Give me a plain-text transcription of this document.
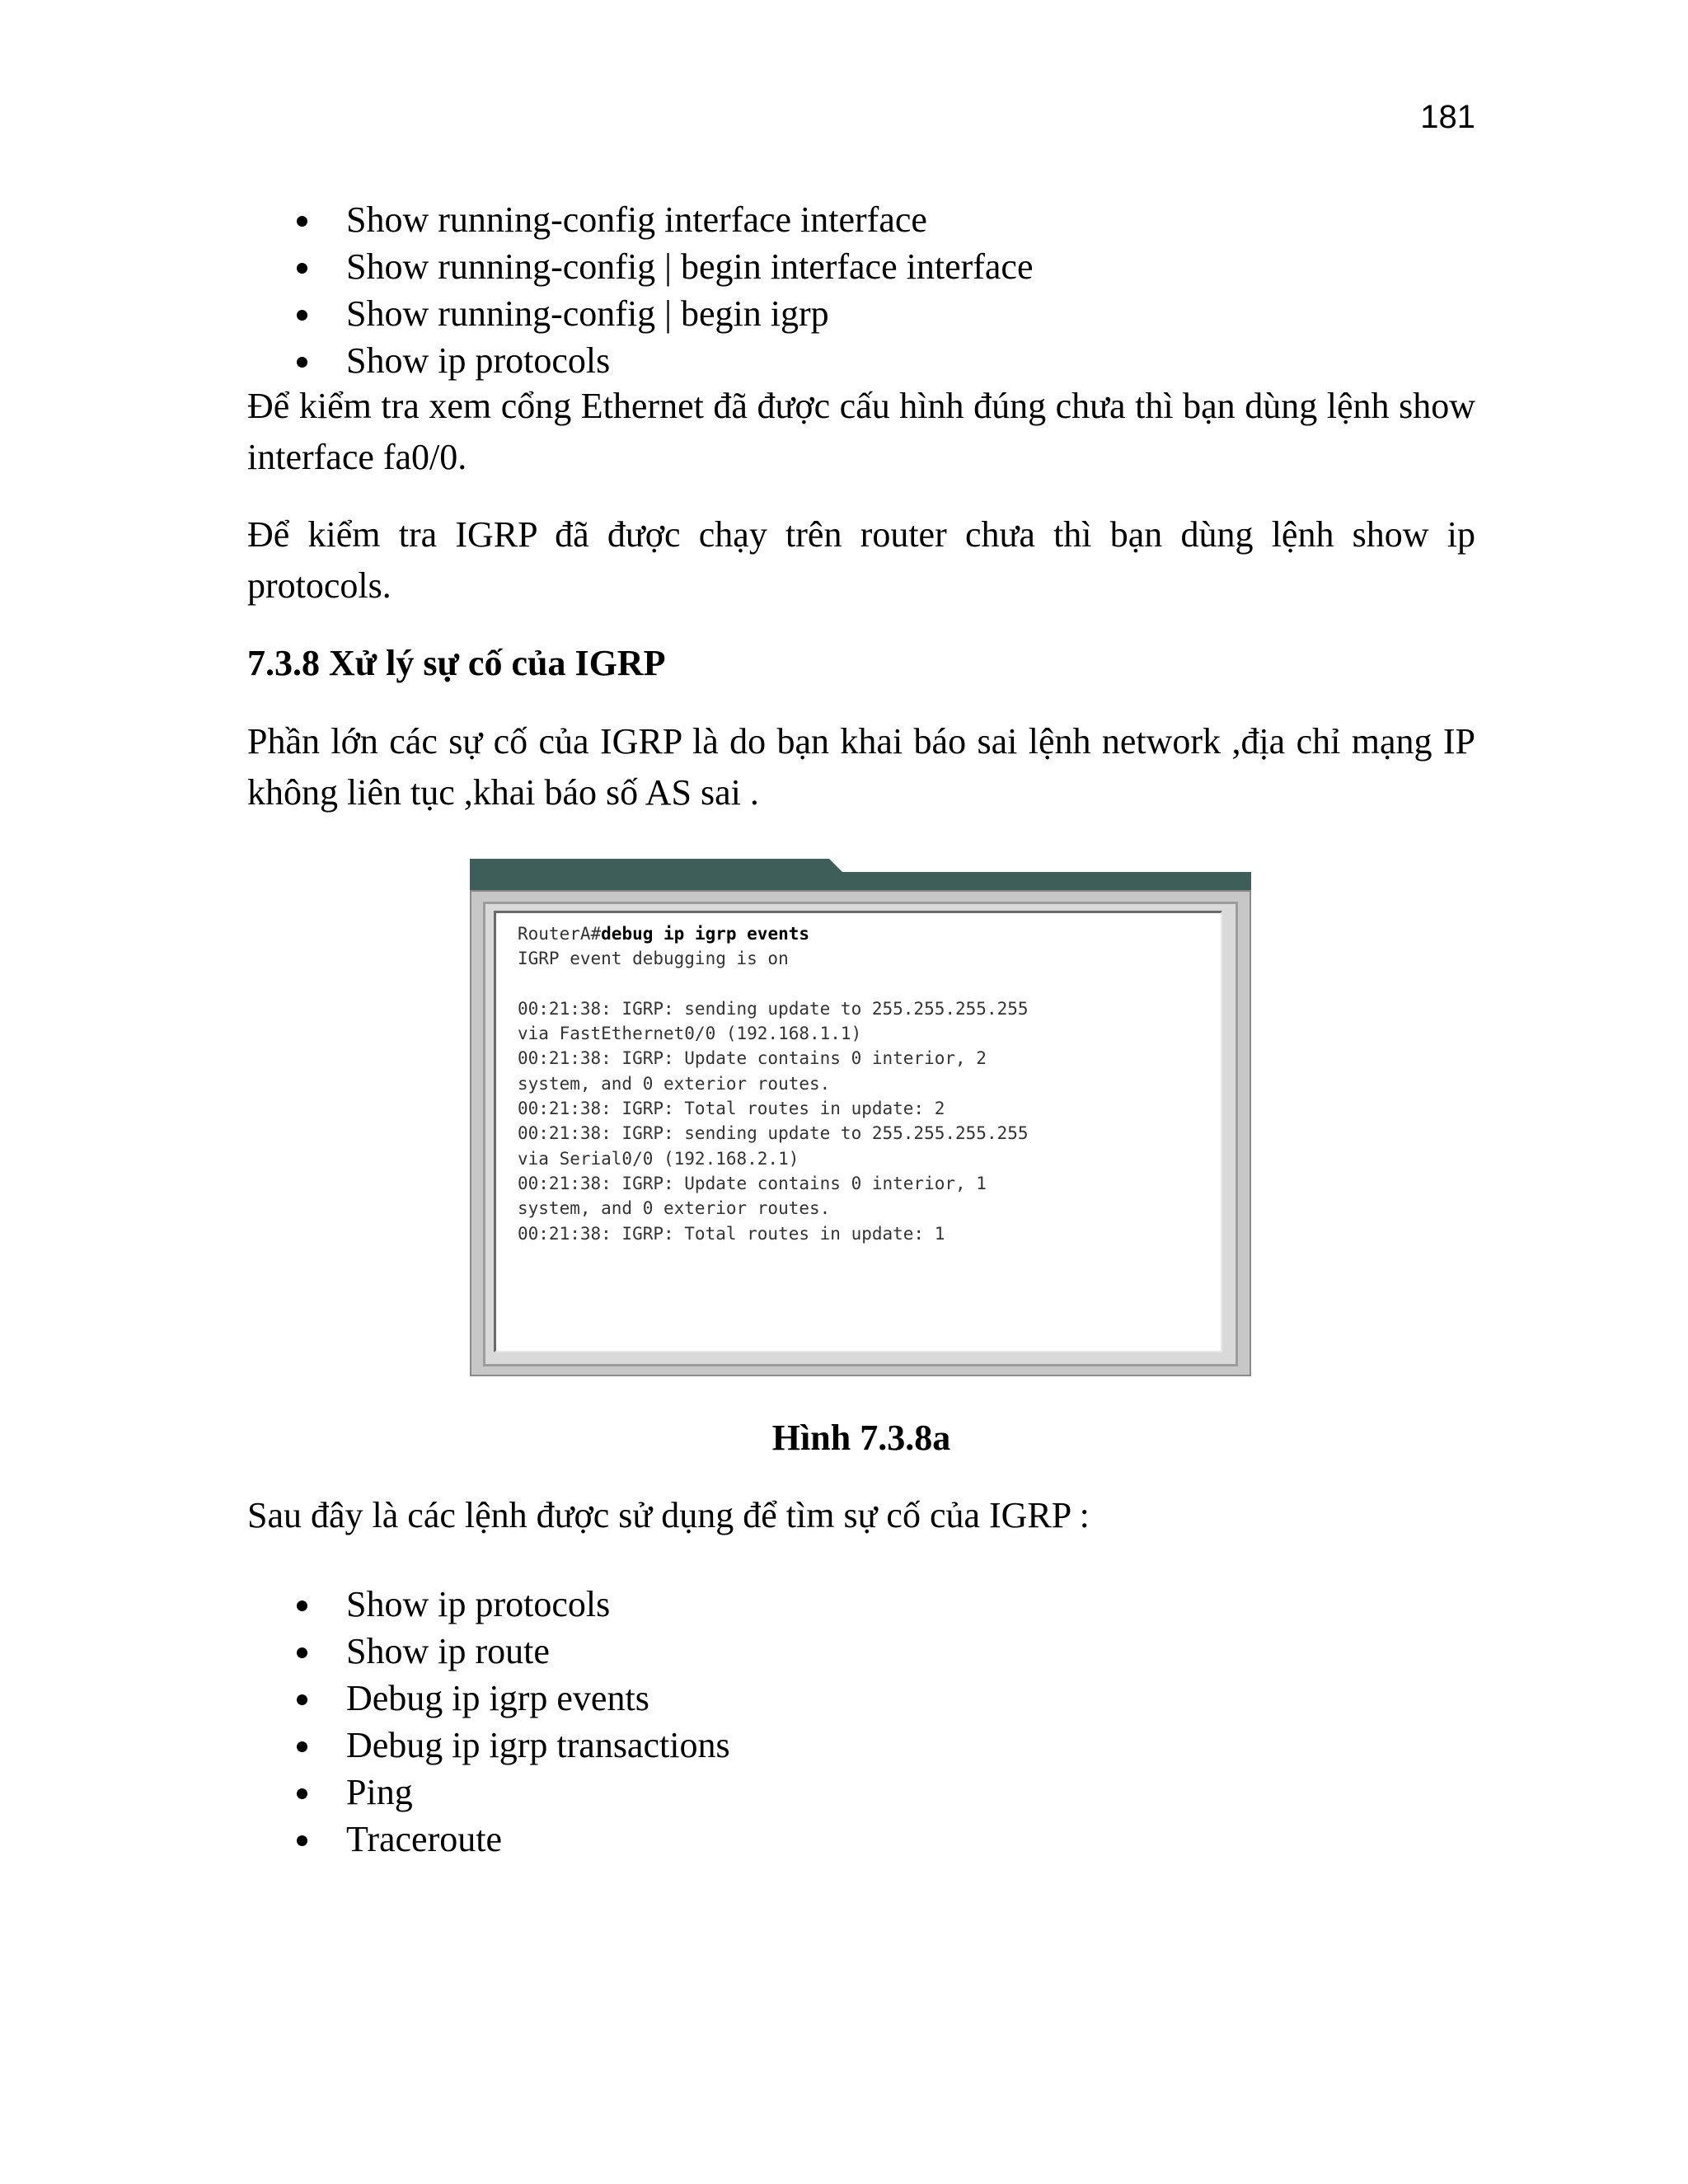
181
Show running-config interface interface
Show running-config | begin interface interface
Show running-config | begin igrp
Show ip protocols

Để kiểm tra xem cổng Ethernet đã được cấu hình đúng chưa thì bạn dùng lệnh show interface fa0/0.

Để kiểm tra IGRP đã được chạy trên router chưa thì bạn dùng lệnh show ip protocols.

7.3.8 Xử lý sự cố của IGRP

Phần lớn các sự cố của IGRP là do bạn khai báo sai lệnh network ,địa chỉ mạng IP không liên tục ,khai báo số AS sai .

Hình 7.3.8a

Sau đây là các lệnh được sử dụng để tìm sự cố của IGRP :

Show ip protocols
Show ip route
Debug ip igrp events
Debug ip igrp transactions
Ping
Traceroute
RouterA#debug ip igrp events
IGRP event debugging is on
00:21:38: IGRP: sending update to 255.255.255.255
via FastEthernet0/0 (192.168.1.1)
00:21:38: IGRP: Update contains 0 interior, 2
system, and 0 exterior routes.
00:21:38: IGRP: Total routes in update: 2
00:21:38: IGRP: sending update to 255.255.255.255
via Serial0/0 (192.168.2.1)
00:21:38: IGRP: Update contains 0 interior, 1
system, and 0 exterior routes.
00:21:38: IGRP: Total routes in update: 1
